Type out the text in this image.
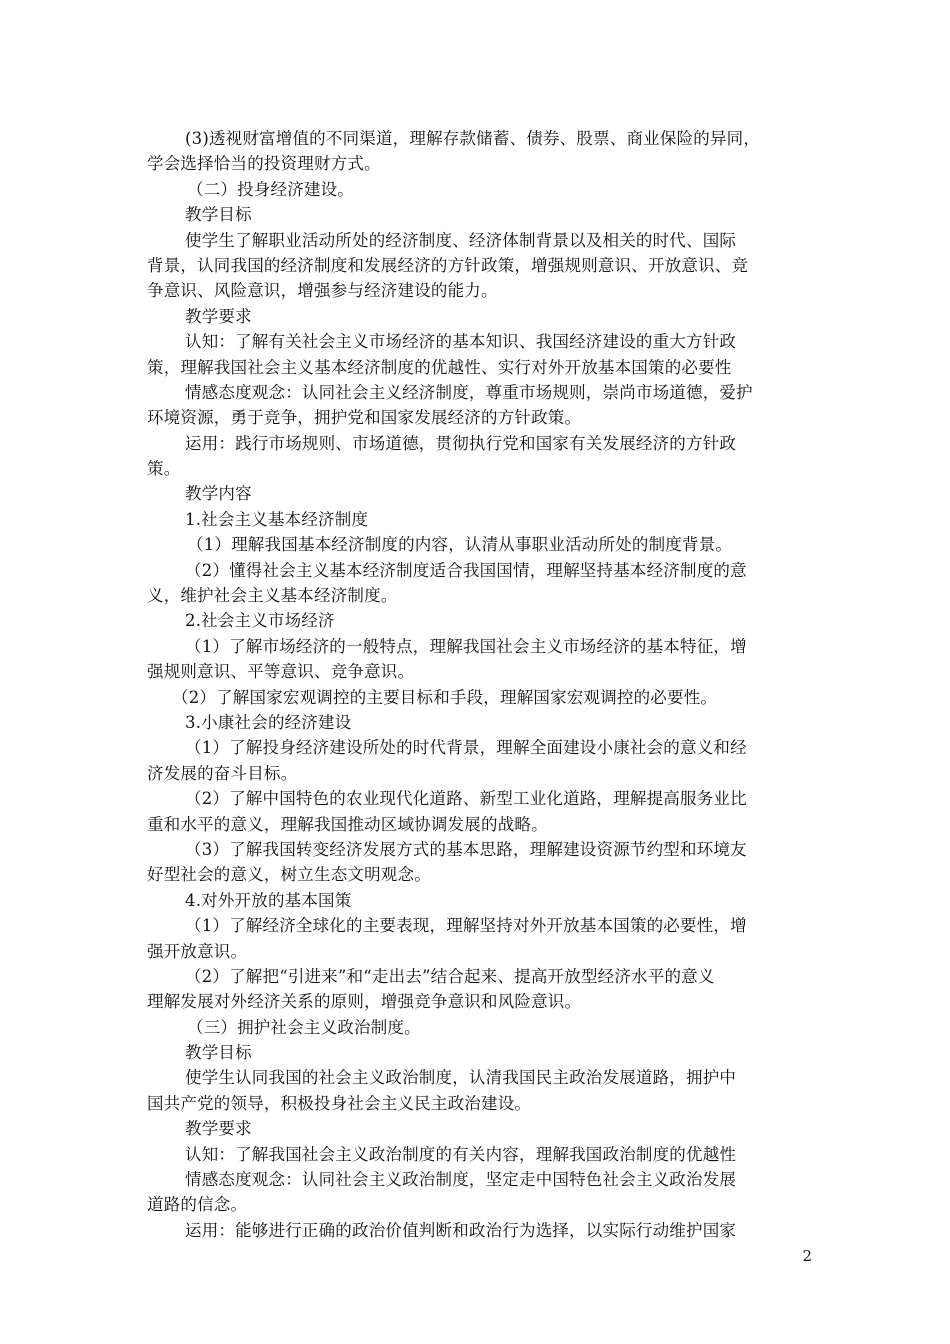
(3)透视财富增值的不同渠道，理解存款储蓄、债券、股票、商业保险的异同，
学会选择恰当的投资理财方式。
（二）投身经济建设。
教学目标
使学生了解职业活动所处的经济制度、经济体制背景以及相关的时代、国际
背景，认同我国的经济制度和发展经济的方针政策，增强规则意识、开放意识、竞
争意识、风险意识，增强参与经济建设的能力。
教学要求
认知：了解有关社会主义市场经济的基本知识、我国经济建设的重大方针政
策，理解我国社会主义基本经济制度的优越性、实行对外开放基本国策的必要性
情感态度观念：认同社会主义经济制度，尊重市场规则，崇尚市场道德，爱护
环境资源，勇于竞争，拥护党和国家发展经济的方针政策。
运用：践行市场规则、市场道德，贯彻执行党和国家有关发展经济的方针政
策。
教学内容
1.社会主义基本经济制度
（1）理解我国基本经济制度的内容，认清从事职业活动所处的制度背景。
（2）懂得社会主义基本经济制度适合我国国情，理解坚持基本经济制度的意
义，维护社会主义基本经济制度。
2.社会主义市场经济
（1）了解市场经济的一般特点，理解我国社会主义市场经济的基本特征，增
强规则意识、平等意识、竞争意识。
（2）了解国家宏观调控的主要目标和手段，理解国家宏观调控的必要性。
3.小康社会的经济建设
（1）了解投身经济建设所处的时代背景，理解全面建设小康社会的意义和经
济发展的奋斗目标。
（2）了解中国特色的农业现代化道路、新型工业化道路，理解提高服务业比
重和水平的意义，理解我国推动区域协调发展的战略。
（3）了解我国转变经济发展方式的基本思路，理解建设资源节约型和环境友
好型社会的意义，树立生态文明观念。
4.对外开放的基本国策
（1）了解经济全球化的主要表现，理解坚持对外开放基本国策的必要性，增
强开放意识。
（2）了解把“引进来”和“走出去”结合起来、提高开放型经济水平的意义
理解发展对外经济关系的原则，增强竞争意识和风险意识。
（三）拥护社会主义政治制度。
教学目标
使学生认同我国的社会主义政治制度，认清我国民主政治发展道路，拥护中
国共产党的领导，积极投身社会主义民主政治建设。
教学要求
认知：了解我国社会主义政治制度的有关内容，理解我国政治制度的优越性
情感态度观念：认同社会主义政治制度，坚定走中国特色社会主义政治发展
道路的信念。
运用：能够进行正确的政治价值判断和政治行为选择，以实际行动维护国家
2
